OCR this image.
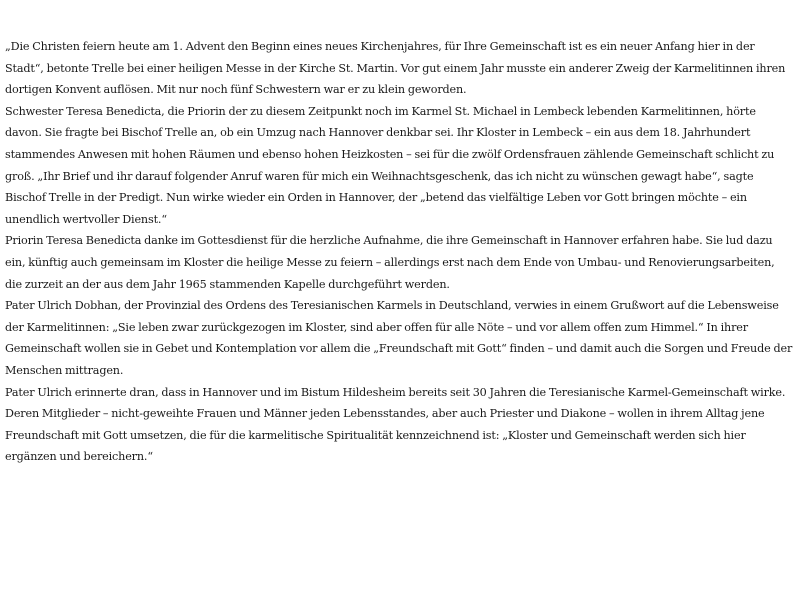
„Die Christen feiern heute am 1. Advent den Beginn eines neues Kirchenjahres, für Ihre Gemeinschaft ist es ein neuer Anfang hier in der Stadt“, betonte Trelle bei einer heiligen Messe in der Kirche St. Martin. Vor gut einem Jahr musste ein anderer Zweig der Karmelitinnen ihren dortigen Konvent auflösen. Mit nur noch fünf Schwestern war er zu klein geworden.

Schwester Teresa Benedicta, die Priorin der zu diesem Zeitpunkt noch im Karmel St. Michael in Lembeck lebenden Karmelitinnen, hörte davon. Sie fragte bei Bischof Trelle an, ob ein Umzug nach Hannover denkbar sei. Ihr Kloster in Lembeck – ein aus dem 18. Jahrhundert stammendes Anwesen mit hohen Räumen und ebenso hohen Heizkosten – sei für die zwölf Ordensfrauen zählende Gemeinschaft schlicht zu groß. „Ihr Brief und ihr darauf folgender Anruf waren für mich ein Weihnachtsgeschenk, das ich nicht zu wünschen gewagt habe“, sagte Bischof Trelle in der Predigt. Nun wirke wieder ein Orden in Hannover, der „betend das vielfältige Leben vor Gott bringen möchte – ein unendlich wertvoller Dienst.“

Priorin Teresa Benedicta danke im Gottesdienst für die herzliche Aufnahme, die ihre Gemeinschaft in Hannover erfahren habe. Sie lud dazu ein, künftig auch gemeinsam im Kloster die heilige Messe zu feiern – allerdings erst nach dem Ende von Umbau- und Renovierungsarbeiten, die zurzeit an der aus dem Jahr 1965 stammenden Kapelle durchgeführt werden.

Pater Ulrich Dobhan, der Provinzial des Ordens des Teresianischen Karmels in Deutschland, verwies in einem Grußwort auf die Lebensweise der Karmelitinnen: „Sie leben zwar zurückgezogen im Kloster, sind aber offen für alle Nöte – und vor allem offen zum Himmel.“ In ihrer Gemeinschaft wollen sie in Gebet und Kontemplation vor allem die „Freundschaft mit Gott“ finden – und damit auch die Sorgen und Freude der Menschen mittragen.

Pater Ulrich erinnerte dran, dass in Hannover und im Bistum Hildesheim bereits seit 30 Jahren die Teresianische Karmel-Gemeinschaft wirke. Deren Mitglieder – nicht-geweihte Frauen und Männer jeden Lebensstandes, aber auch Priester und Diakone – wollen in ihrem Alltag jene Freundschaft mit Gott umsetzen, die für die karmelitische Spiritualität kennzeichnend ist: „Kloster und Gemeinschaft werden sich hier ergänzen und bereichern.“
